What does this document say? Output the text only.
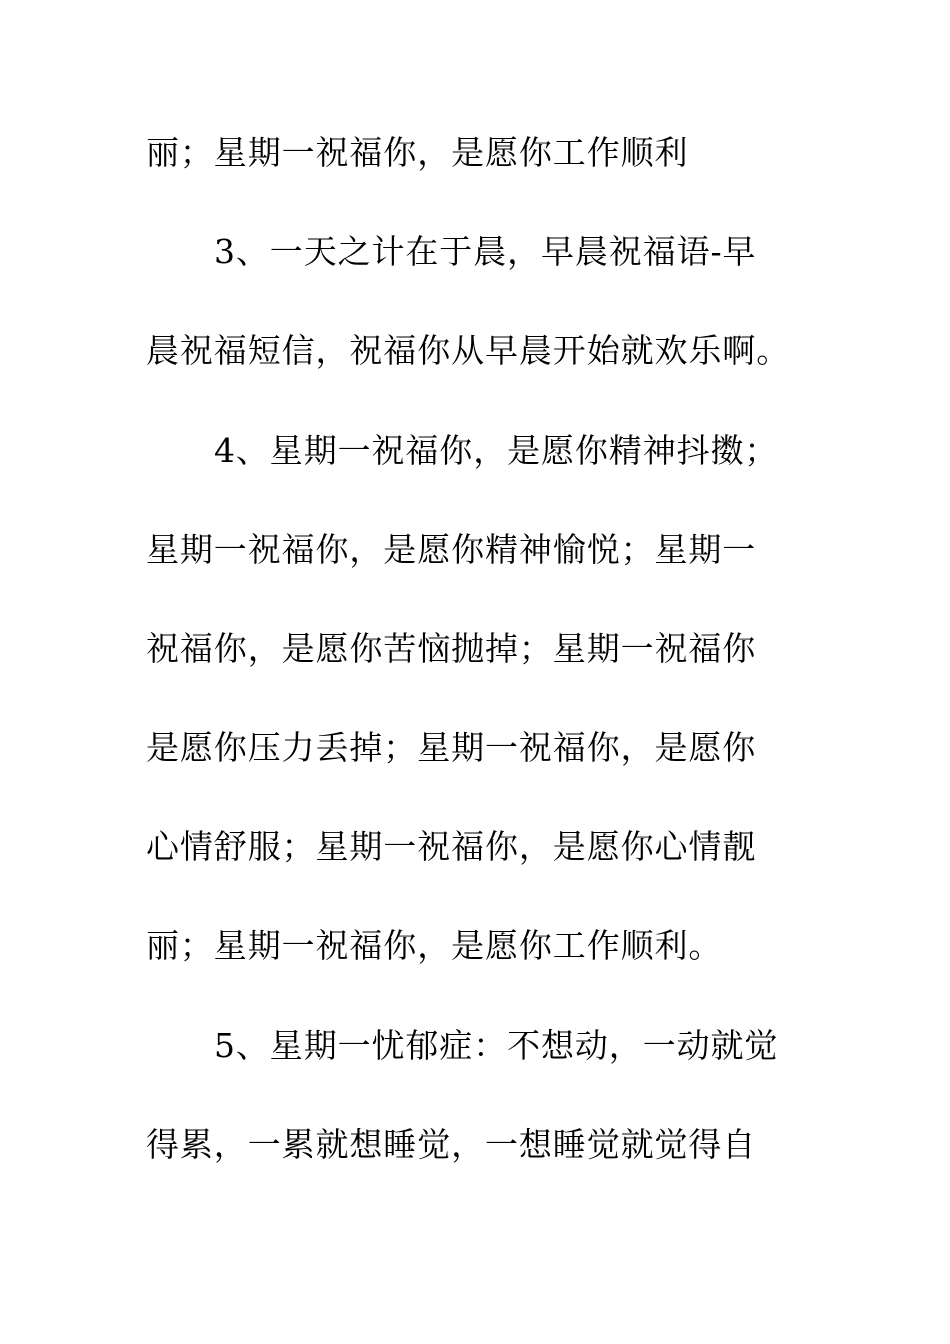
丽；星期一祝福你，是愿你工作顺利
3、一天之计在于晨，早晨祝福语-早
晨祝福短信，祝福你从早晨开始就欢乐啊。
4、星期一祝福你，是愿你精神抖擞；
星期一祝福你，是愿你精神愉悦；星期一
祝福你，是愿你苦恼抛掉；星期一祝福你
是愿你压力丢掉；星期一祝福你，是愿你
心情舒服；星期一祝福你，是愿你心情靓
丽；星期一祝福你，是愿你工作顺利。
5、星期一忧郁症：不想动，一动就觉
得累，一累就想睡觉，一想睡觉就觉得自
